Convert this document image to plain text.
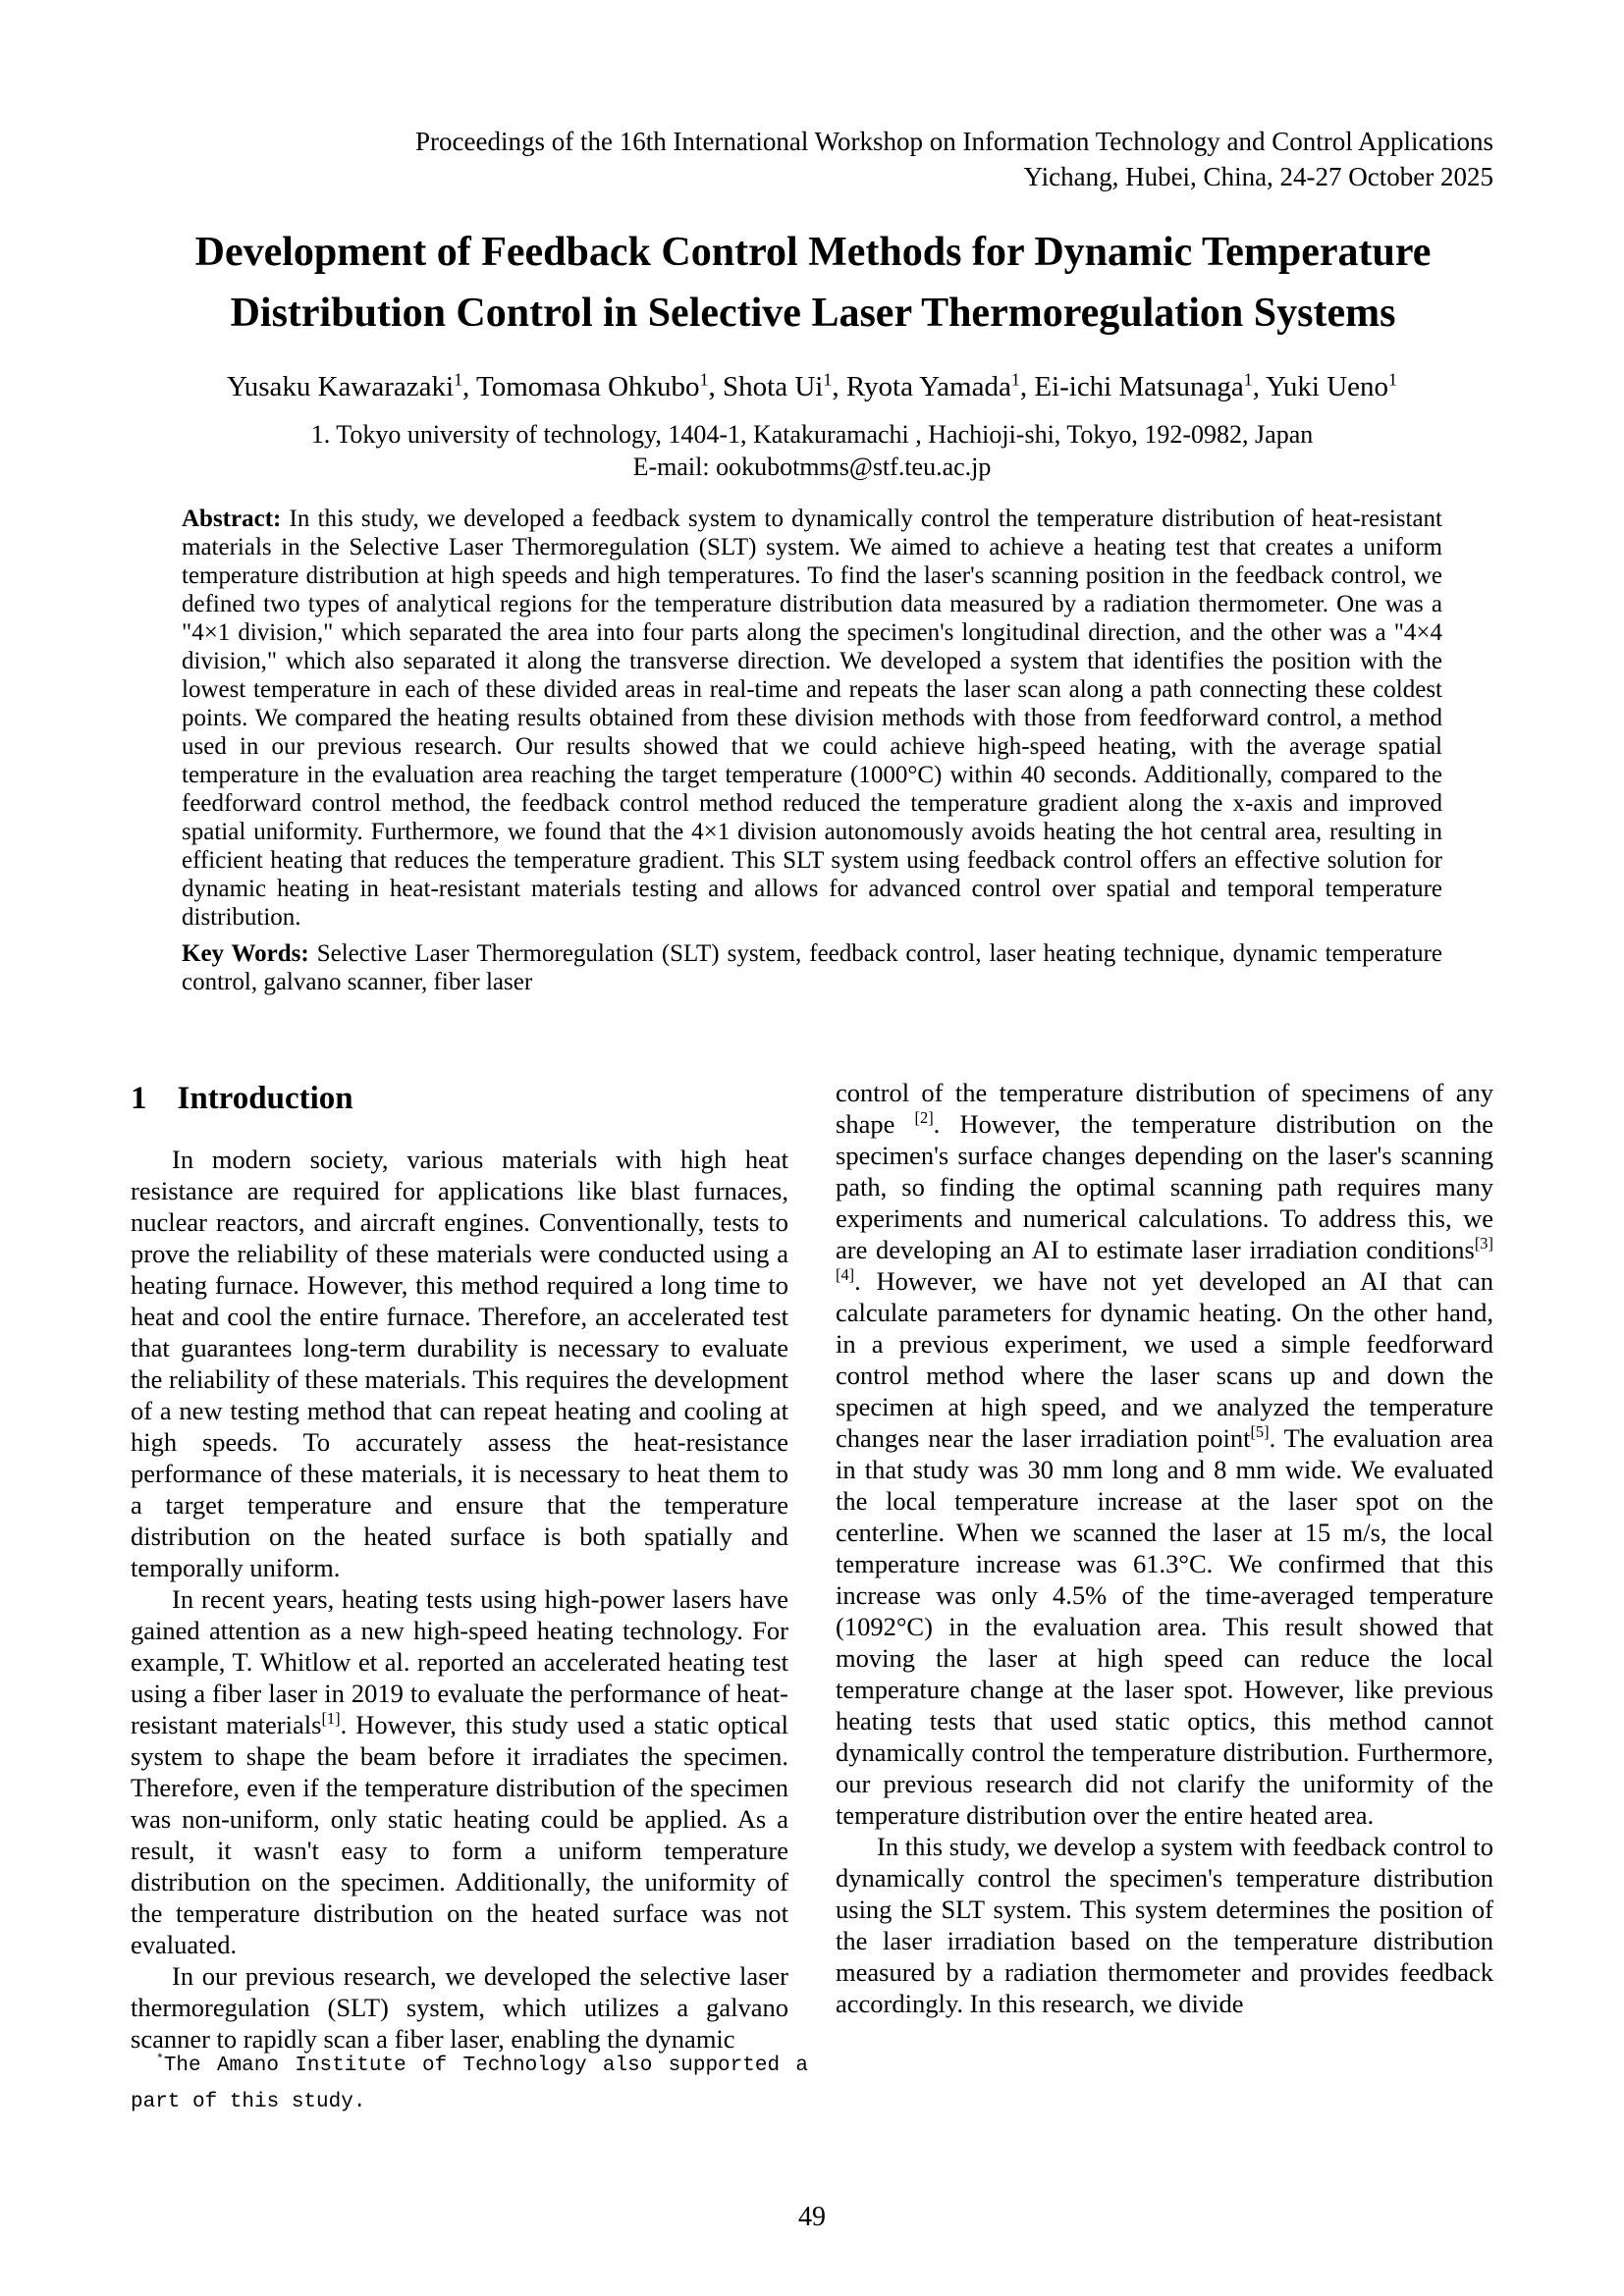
Proceedings of the 16th International Workshop on Information Technology and Control Applications
Yichang, Hubei, China, 24-27 October 2025
Development of Feedback Control Methods for Dynamic Temperature
Distribution Control in Selective Laser Thermoregulation Systems
Yusaku Kawarazaki$^1$, Tomomasa Ohkubo$^1$, Shota Ui$^1$, Ryota Yamada$^1$, Ei-ichi Matsunaga$^1$, Yuki Ueno$^1$
1. Tokyo university of technology, 1404-1, Katakuramachi , Hachioji-shi, Tokyo, 192-0982, Japan
E-mail: ookubotmms@stf.teu.ac.jp

Abstract: In this study, we developed a feedback system to dynamically control the temperature distribution of heat-resistant materials in the Selective Laser Thermoregulation (SLT) system. We aimed to achieve a heating test that creates a uniform temperature distribution at high speeds and high temperatures. To find the laser's scanning position in the feedback control, we defined two types of analytical regions for the temperature distribution data measured by a radiation thermometer. One was a "4×1 division," which separated the area into four parts along the specimen's longitudinal direction, and the other was a "4×4 division," which also separated it along the transverse direction. We developed a system that identifies the position with the lowest temperature in each of these divided areas in real-time and repeats the laser scan along a path connecting these coldest points. We compared the heating results obtained from these division methods with those from feedforward control, a method used in our previous research. Our results showed that we could achieve high-speed heating, with the average spatial temperature in the evaluation area reaching the target temperature (1000°C) within 40 seconds. Additionally, compared to the feedforward control method, the feedback control method reduced the temperature gradient along the x-axis and improved spatial uniformity. Furthermore, we found that the 4×1 division autonomously avoids heating the hot central area, resulting in efficient heating that reduces the temperature gradient. This SLT system using feedback control offers an effective solution for dynamic heating in heat-resistant materials testing and allows for advanced control over spatial and temporal temperature distribution.

Key Words: Selective Laser Thermoregulation (SLT) system, feedback control, laser heating technique, dynamic temperature control, galvano scanner, fiber laser

1 Introduction

In modern society, various materials with high heat resistance are required for applications like blast furnaces, nuclear reactors, and aircraft engines. Conventionally, tests to prove the reliability of these materials were conducted using a heating furnace. However, this method required a long time to heat and cool the entire furnace. Therefore, an accelerated test that guarantees long-term durability is necessary to evaluate the reliability of these materials. This requires the development of a new testing method that can repeat heating and cooling at high speeds. To accurately assess the heat-resistance performance of these materials, it is necessary to heat them to a target temperature and ensure that the temperature distribution on the heated surface is both spatially and temporally uniform.

In recent years, heating tests using high-power lasers have gained attention as a new high-speed heating technology. For example, T. Whitlow et al. reported an accelerated heating test using a fiber laser in 2019 to evaluate the performance of heat-resistant materials[1]. However, this study used a static optical system to shape the beam before it irradiates the specimen. Therefore, even if the temperature distribution of the specimen was non-uniform, only static heating could be applied. As a result, it wasn't easy to form a uniform temperature distribution on the specimen. Additionally, the uniformity of the temperature distribution on the heated surface was not evaluated.

In our previous research, we developed the selective laser thermoregulation (SLT) system, which utilizes a galvano scanner to rapidly scan a fiber laser, enabling the dynamic

control of the temperature distribution of specimens of any shape [2]. However, the temperature distribution on the specimen's surface changes depending on the laser's scanning path, so finding the optimal scanning path requires many experiments and numerical calculations. To address this, we are developing an AI to estimate laser irradiation conditions[3][4]. However, we have not yet developed an AI that can calculate parameters for dynamic heating. On the other hand, in a previous experiment, we used a simple feedforward control method where the laser scans up and down the specimen at high speed, and we analyzed the temperature changes near the laser irradiation point[5]. The evaluation area in that study was 30 mm long and 8 mm wide. We evaluated the local temperature increase at the laser spot on the centerline. When we scanned the laser at 15 m/s, the local temperature increase was 61.3°C. We confirmed that this increase was only 4.5% of the time-averaged temperature (1092°C) in the evaluation area. This result showed that moving the laser at high speed can reduce the local temperature change at the laser spot. However, like previous heating tests that used static optics, this method cannot dynamically control the temperature distribution. Furthermore, our previous research did not clarify the uniformity of the temperature distribution over the entire heated area.

In this study, we develop a system with feedback control to dynamically control the specimen's temperature distribution using the SLT system. This system determines the position of the laser irradiation based on the temperature distribution measured by a radiation thermometer and provides feedback accordingly. In this research, we divide

*The Amano Institute of Technology also supported a part of this study.
49
